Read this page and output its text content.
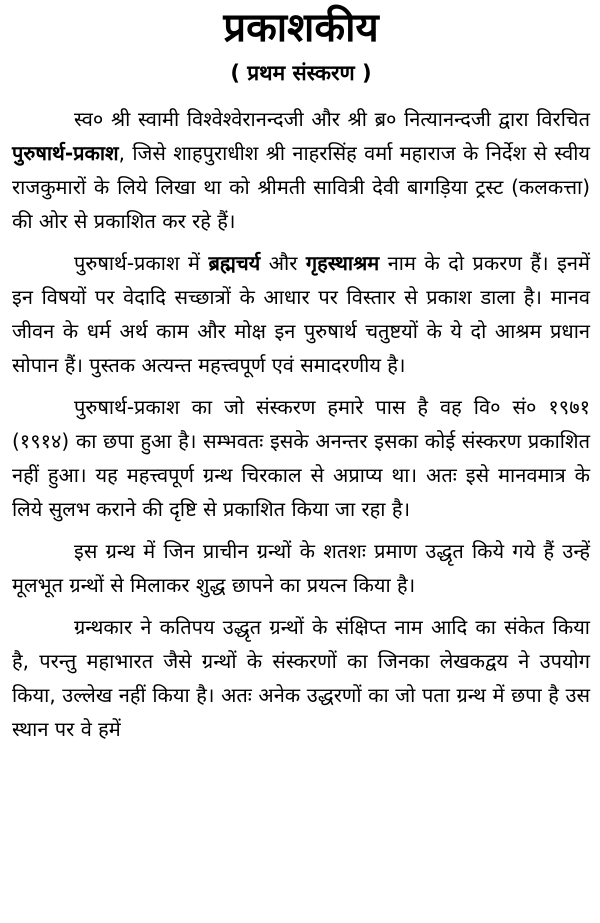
प्रकाशकीय
( प्रथम संस्करण )

स्व० श्री स्वामी विश्वेश्वेरानन्दजी और श्री ब्र० नित्यानन्दजी द्वारा विरचित पुरुषार्थ-प्रकाश, जिसे शाहपुराधीश श्री नाहरसिंह वर्मा महाराज के निर्देश से स्वीय राजकुमारों के लिये लिखा था को श्रीमती सावित्री देवी बागड़िया ट्रस्ट (कलकत्ता) की ओर से प्रकाशित कर रहे हैं।

पुरुषार्थ-प्रकाश में ब्रह्मचर्य और गृहस्थाश्रम नाम के दो प्रकरण हैं। इनमें इन विषयों पर वेदादि सच्छात्रों के आधार पर विस्तार से प्रकाश डाला है। मानव जीवन के धर्म अर्थ काम और मोक्ष इन पुरुषार्थ चतुष्टयों के ये दो आश्रम प्रधान सोपान हैं। पुस्तक अत्यन्त महत्त्वपूर्ण एवं समादरणीय है।

पुरुषार्थ-प्रकाश का जो संस्करण हमारे पास है वह वि० सं० १९७१ (१९१४) का छपा हुआ है। सम्भवतः इसके अनन्तर इसका कोई संस्करण प्रकाशित नहीं हुआ। यह महत्त्वपूर्ण ग्रन्थ चिरकाल से अप्राप्य था। अतः इसे मानवमात्र के लिये सुलभ कराने की दृष्टि से प्रकाशित किया जा रहा है।

इस ग्रन्थ में जिन प्राचीन ग्रन्थों के शतशः प्रमाण उद्धृत किये गये हैं उन्हें मूलभूत ग्रन्थों से मिलाकर शुद्ध छापने का प्रयत्न किया है।

ग्रन्थकार ने कतिपय उद्धृत ग्रन्थों के संक्षिप्त नाम आदि का संकेत किया है, परन्तु महाभारत जैसे ग्रन्थों के संस्करणों का जिनका लेखकद्वय ने उपयोग किया, उल्लेख नहीं किया है। अतः अनेक उद्धरणों का जो पता ग्रन्थ में छपा है उस स्थान पर वे हमें
